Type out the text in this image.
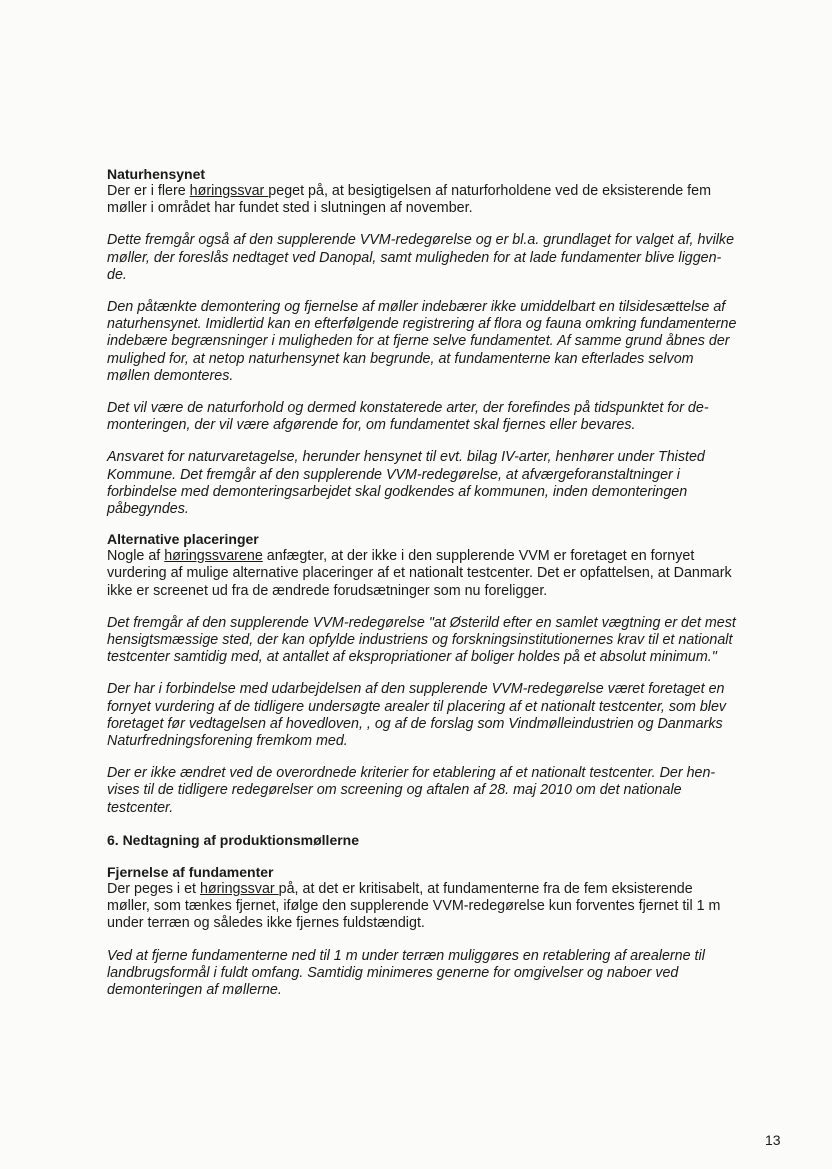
Naturhensynet

Der er i flere høringssvar peget på, at besigtigelsen af naturforholdene ved de eksisterende fem
møller i området har fundet sted i slutningen af november.

Dette fremgår også af den supplerende VVM-redegørelse og er bl.a. grundlaget for valget af, hvilke
møller, der foreslås nedtaget ved Danopal, samt muligheden for at lade fundamenter blive liggen-
de.

Den påtænkte demontering og fjernelse af møller indebærer ikke umiddelbart en tilsidesættelse af
naturhensynet. Imidlertid kan en efterfølgende registrering af flora og fauna omkring fundamenterne
indebære begrænsninger i muligheden for at fjerne selve fundamentet. Af samme grund åbnes der
mulighed for, at netop naturhensynet kan begrunde, at fundamenterne kan efterlades selvom
møllen demonteres.

Det vil være de naturforhold og dermed konstaterede arter, der forefindes på tidspunktet for de-
monteringen, der vil være afgørende for, om fundamentet skal fjernes eller bevares.

Ansvaret for naturvaretagelse, herunder hensynet til evt. bilag IV-arter, henhører under Thisted
Kommune. Det fremgår af den supplerende VVM-redegørelse, at afværgeforanstaltninger i
forbindelse med demonteringsarbejdet skal godkendes af kommunen, inden demonteringen
påbegyndes.

Alternative placeringer

Nogle af høringssvarene anfægter, at der ikke i den supplerende VVM er foretaget en fornyet
vurdering af mulige alternative placeringer af et nationalt testcenter. Det er opfattelsen, at Danmark
ikke er screenet ud fra de ændrede forudsætninger som nu foreligger.

Det fremgår af den supplerende VVM-redegørelse "at Østerild efter en samlet vægtning er det mest
hensigtsmæssige sted, der kan opfylde industriens og forskningsinstitutionernes krav til et nationalt
testcenter samtidig med, at antallet af ekspropriationer af boliger holdes på et absolut minimum."

Der har i forbindelse med udarbejdelsen af den supplerende VVM-redegørelse været foretaget en
fornyet vurdering af de tidligere undersøgte arealer til placering af et nationalt testcenter, som blev
foretaget før vedtagelsen af hovedloven, , og af de forslag som Vindmølleindustrien og Danmarks
Naturfredningsforening fremkom med.

Der er ikke ændret ved de overordnede kriterier for etablering af et nationalt testcenter. Der hen-
vises til de tidligere redegørelser om screening og aftalen af 28. maj 2010 om det nationale
testcenter.

6. Nedtagning af produktionsmøllerne

Fjernelse af fundamenter

Der peges i et høringssvar på, at det er kritisabelt, at fundamenterne fra de fem eksisterende
møller, som tænkes fjernet, ifølge den supplerende VVM-redegørelse kun forventes fjernet til 1 m
under terræn og således ikke fjernes fuldstændigt.

Ved at fjerne fundamenterne ned til 1 m under terræn muliggøres en retablering af arealerne til
landbrugsformål i fuldt omfang. Samtidig minimeres generne for omgivelser og naboer ved
demonteringen af møllerne.

13
